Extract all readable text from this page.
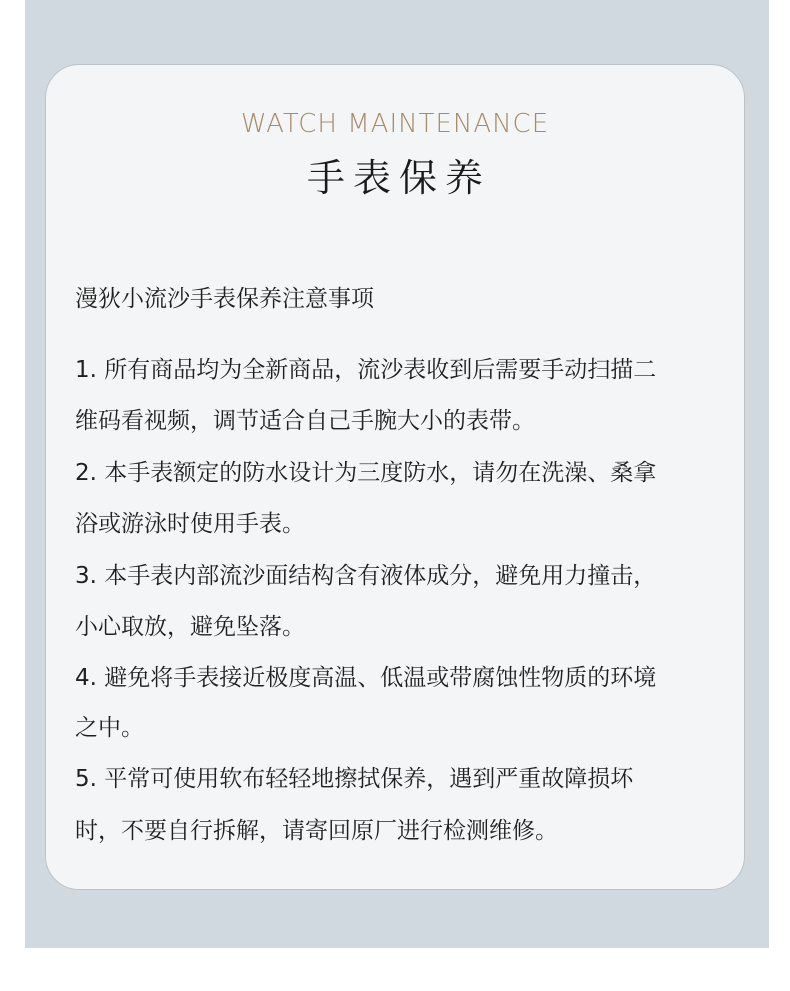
WATCH MAINTENANCE
手表保养
漫狄小流沙手表保养注意事项
1. 所有商品均为全新商品，流沙表收到后需要手动扫描二
维码看视频，调节适合自己手腕大小的表带。
2. 本手表额定的防水设计为三度防水，请勿在洗澡、桑拿
浴或游泳时使用手表。
3. 本手表内部流沙面结构含有液体成分，避免用力撞击，
小心取放，避免坠落。
4. 避免将手表接近极度高温、低温或带腐蚀性物质的环境
之中。
5. 平常可使用软布轻轻地擦拭保养，遇到严重故障损坏
时，不要自行拆解，请寄回原厂进行检测维修。
